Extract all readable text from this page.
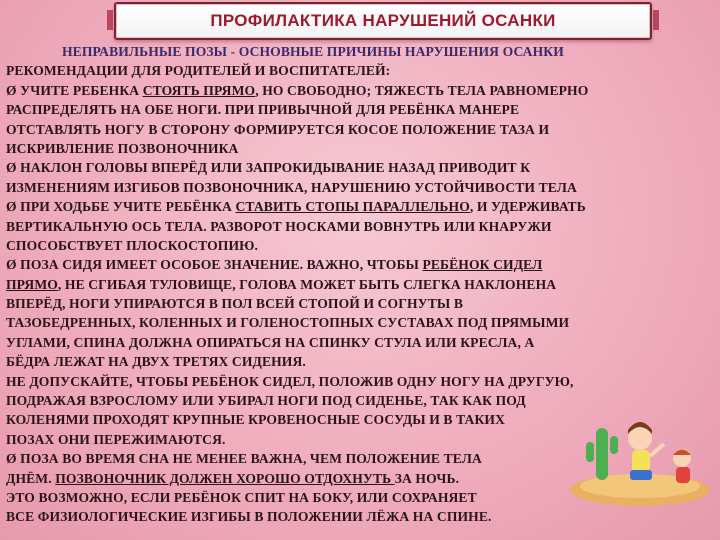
ПРОФИЛАКТИКА НАРУШЕНИЙ ОСАНКИ
НЕПРАВИЛЬНЫЕ ПОЗЫ - ОСНОВНЫЕ ПРИЧИНЫ НАРУШЕНИЯ ОСАНКИ
РЕКОМЕНДАЦИИ ДЛЯ РОДИТЕЛЕЙ И ВОСПИТАТЕЛЕЙ:
Ø УЧИТЕ РЕБЕНКА СТОЯТЬ ПРЯМО, НО СВОБОДНО; ТЯЖЕСТЬ ТЕЛА РАВНОМЕРНО
РАСПРЕДЕЛЯТЬ НА ОБЕ НОГИ. ПРИ ПРИВЫЧНОЙ ДЛЯ РЕБЁНКА МАНЕРЕ
ОТСТАВЛЯТЬ НОГУ В СТОРОНУ ФОРМИРУЕТСЯ КОСОЕ ПОЛОЖЕНИЕ ТАЗА И
ИСКРИВЛЕНИЕ ПОЗВОНОЧНИКА
Ø НАКЛОН ГОЛОВЫ ВПЕРЁД ИЛИ ЗАПРОКИДЫВАНИЕ НАЗАД ПРИВОДИТ К
ИЗМЕНЕНИЯМ ИЗГИБОВ ПОЗВОНОЧНИКА, НАРУШЕНИЮ УСТОЙЧИВОСТИ ТЕЛА
Ø ПРИ ХОДЬБЕ УЧИТЕ РЕБЁНКА СТАВИТЬ СТОПЫ ПАРАЛЛЕЛЬНО, И УДЕРЖИВАТЬ
ВЕРТИКАЛЬНУЮ ОСЬ ТЕЛА. РАЗВОРОТ НОСКАМИ ВОВНУТРЬ ИЛИ КНАРУЖИ
СПОСОБСТВУЕТ ПЛОСКОСТОПИЮ.
Ø ПОЗА СИДЯ ИМЕЕТ ОСОБОЕ ЗНАЧЕНИЕ. ВАЖНО, ЧТОБЫ РЕБЁНОК СИДЕЛ
ПРЯМО, НЕ СГИБАЯ ТУЛОВИЩЕ, ГОЛОВА МОЖЕТ БЫТЬ СЛЕГКА НАКЛОНЕНА
ВПЕРЁД, НОГИ УПИРАЮТСЯ В ПОЛ ВСЕЙ СТОПОЙ И СОГНУТЫ В
ТАЗОБЕДРЕННЫХ, КОЛЕННЫХ И ГОЛЕНОСТОПНЫХ СУСТАВАХ ПОД ПРЯМЫМИ
УГЛАМИ, СПИНА ДОЛЖНА ОПИРАТЬСЯ НА СПИНКУ СТУЛА ИЛИ КРЕСЛА, А
БЁДРА ЛЕЖАТ НА ДВУХ ТРЕТЯХ СИДЕНИЯ.
НЕ ДОПУСКАЙТЕ, ЧТОБЫ РЕБЁНОК СИДЕЛ, ПОЛОЖИВ ОДНУ НОГУ НА ДРУГУЮ,
ПОДРАЖАЯ ВЗРОСЛОМУ ИЛИ УБИРАЛ НОГИ ПОД СИДЕНЬЕ, ТАК КАК ПОД
КОЛЕНЯМИ ПРОХОДЯТ КРУПНЫЕ КРОВЕНОСНЫЕ СОСУДЫ И В ТАКИХ
ПОЗАХ ОНИ ПЕРЕЖИМАЮТСЯ.
Ø ПОЗА ВО ВРЕМЯ СНА НЕ МЕНЕЕ ВАЖНА, ЧЕМ ПОЛОЖЕНИЕ ТЕЛА
ДНЁМ. ПОЗВОНОЧНИК ДОЛЖЕН ХОРОШО ОТДОХНУТЬ ЗА НОЧЬ.
ЭТО ВОЗМОЖНО, ЕСЛИ РЕБЁНОК СПИТ НА БОКУ, ИЛИ СОХРАНЯЕТ
ВСЕ ФИЗИОЛОГИЧЕСКИЕ ИЗГИБЫ В ПОЛОЖЕНИИ ЛЁЖА НА СПИНЕ.
